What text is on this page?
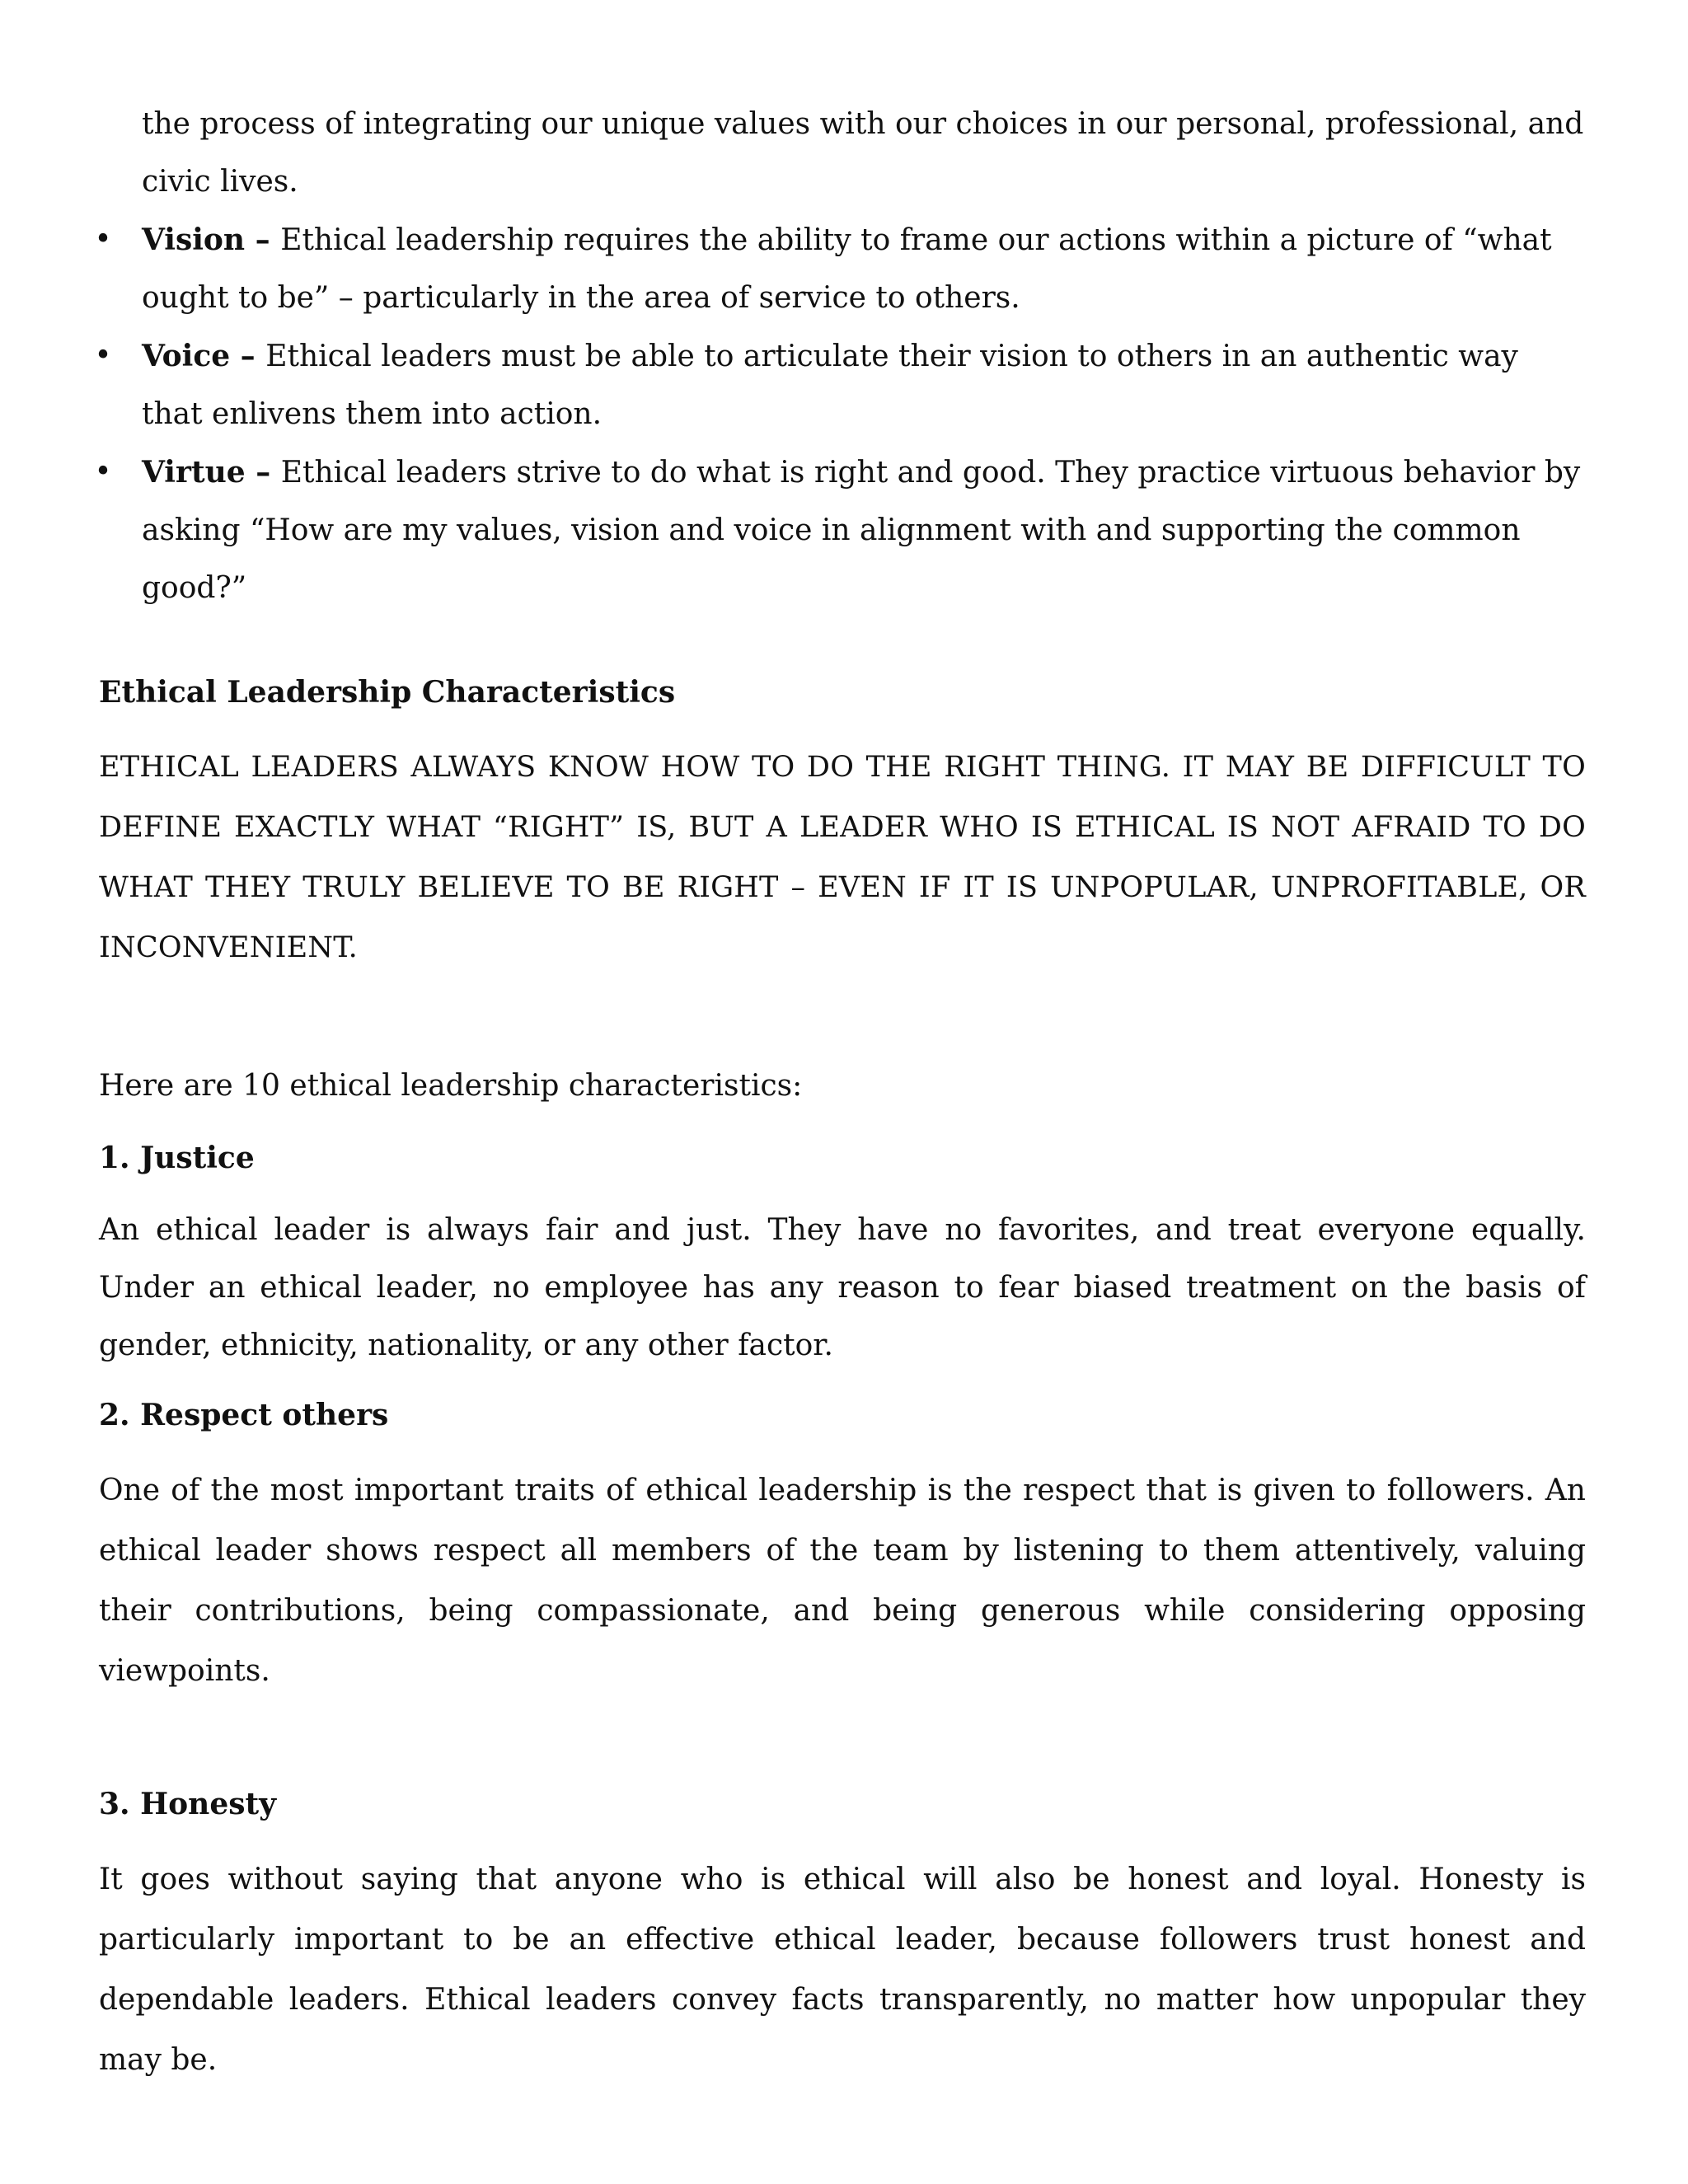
the process of integrating our unique values with our choices in our personal, professional, and civic lives.

• Vision – Ethical leadership requires the ability to frame our actions within a picture of “what ought to be” – particularly in the area of service to others.
• Voice – Ethical leaders must be able to articulate their vision to others in an authentic way that enlivens them into action.
• Virtue – Ethical leaders strive to do what is right and good. They practice virtuous behavior by asking “How are my values, vision and voice in alignment with and supporting the common good?”
Ethical Leadership Characteristics

ETHICAL LEADERS ALWAYS KNOW HOW TO DO THE RIGHT THING. IT MAY BE DIFFICULT TO DEFINE EXACTLY WHAT “RIGHT” IS, BUT A LEADER WHO IS ETHICAL IS NOT AFRAID TO DO WHAT THEY TRULY BELIEVE TO BE RIGHT – EVEN IF IT IS UNPOPULAR, UNPROFITABLE, OR INCONVENIENT.

Here are 10 ethical leadership characteristics:

1. Justice

An ethical leader is always fair and just. They have no favorites, and treat everyone equally. Under an ethical leader, no employee has any reason to fear biased treatment on the basis of gender, ethnicity, nationality, or any other factor.

2. Respect others

One of the most important traits of ethical leadership is the respect that is given to followers. An ethical leader shows respect all members of the team by listening to them attentively, valuing their contributions, being compassionate, and being generous while considering opposing viewpoints.

3. Honesty

It goes without saying that anyone who is ethical will also be honest and loyal. Honesty is particularly important to be an effective ethical leader, because followers trust honest and dependable leaders. Ethical leaders convey facts transparently, no matter how unpopular they may be.
